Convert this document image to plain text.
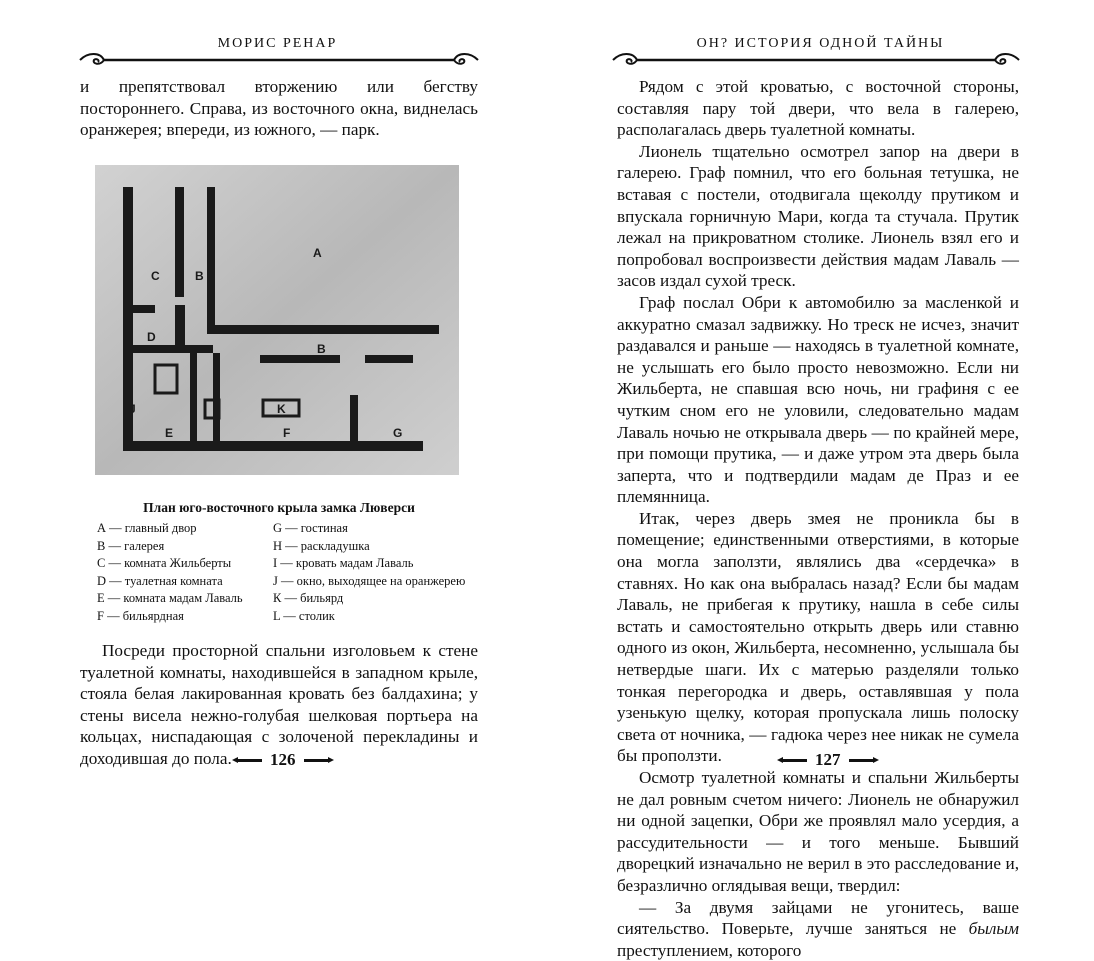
МОРИС РЕНАР

и препятствовал вторжению или бегству постороннего. Справа, из восточного окна, виднелась оранжерея; впереди, из южного, — парк.

A
C	B
D
B
J
E	F
K
G
План юго-восточного крыла замка Люверси
А — главный двор
В — галерея
С — комната Жильберты
D — туалетная комната
Е — комната мадам Лаваль
F — бильярдная
G — гостиная
Н — раскладушка
I — кровать мадам Лаваль
J — окно, выходящее на оранжерею
К — бильярд
L — столик

Посреди просторной спальни изголовьем к стене туалетной комнаты, находившейся в западном крыле, стояла белая лакированная кровать без балдахина; у стены висела нежно-голубая шелковая портьера на кольцах, ниспадающая с золоченой перекладины и доходившая до пола.	126
ОН? ИСТОРИЯ ОДНОЙ ТАЙНЫ

Рядом с этой кроватью, с восточной стороны, составляя пару той двери, что вела в галерею, располагалась дверь туалетной комнаты.

Лионель тщательно осмотрел запор на двери в галерею. Граф помнил, что его больная тетушка, не вставая с постели, отодвигала щеколду прутиком и впускала горничную Мари, когда та стучала. Прутик лежал на прикроватном столике. Лионель взял его и попробовал воспроизвести действия мадам Лаваль — засов издал сухой треск.

Граф послал Обри к автомобилю за масленкой и аккуратно смазал задвижку. Но треск не исчез, значит раздавался и раньше — находясь в туалетной комнате, не услышать его было просто невозможно. Если ни Жильберта, не спавшая всю ночь, ни графиня с ее чутким сном его не уловили, следовательно мадам Лаваль ночью не открывала дверь — по крайней мере, при помощи прутика, — и даже утром эта дверь была заперта, что и подтвердили мадам де Праз и ее племянница.

Итак, через дверь змея не проникла бы в помещение; единственными отверстиями, в которые она могла заползти, являлись два «сердечка» в ставнях. Но как она выбралась назад? Если бы мадам Лаваль, не прибегая к прутику, нашла в себе силы встать и самостоятельно открыть дверь или ставню одного из окон, Жильберта, несомненно, услышала бы нетвердые шаги. Их с матерью разделяли только тонкая перегородка и дверь, оставлявшая у пола узенькую щелку, которая пропускала лишь полоску света от ночника, — гадюка через нее никак не сумела бы проползти.

Осмотр туалетной комнаты и спальни Жильберты не дал ровным счетом ничего: Лионель не обнаружил ни одной зацепки, Обри же проявлял мало усердия, а рассудительности — и того меньше. Бывший дворецкий изначально не верил в это расследование и, безразлично оглядывая вещи, твердил:

— За двумя зайцами не угонитесь, ваше сиятельство. Поверьте, лучше заняться не былым преступлением, которого

127
